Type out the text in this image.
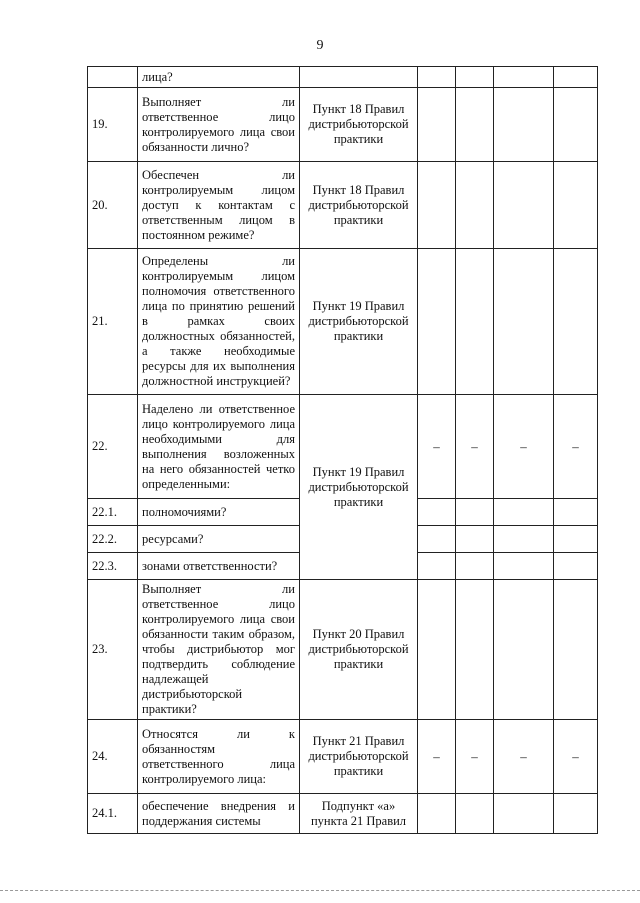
9
	лица?					
19.	Выполняет ли ответственное лицо контролируемого лица свои обязанности лично?	Пункт 18 Правил дистрибьюторской практики				
20.	Обеспечен ли контролируемым лицом доступ к контактам с ответственным лицом в постоянном режиме?	Пункт 18 Правил дистрибьюторской практики				
21.	Определены ли контролируемым лицом полномочия ответственного лица по принятию решений в рамках своих должностных обязанностей, а также необходимые ресурсы для их выполнения должностной инструкцией?	Пункт 19 Правил дистрибьюторской практики				
22.	Наделено ли ответственное лицо контролируемого лица необходимыми для выполнения возложенных на него обязанностей четко определенными:	Пункт 19 Правил дистрибьюторской практики	–	–	–	–
22.1.	полномочиями?					
22.2.	ресурсами?					
22.3.	зонами ответственности?					
23.	Выполняет ли ответственное лицо контролируемого лица свои обязанности таким образом, чтобы дистрибьютор мог подтвердить соблюдение надлежащей дистрибьюторской практики?	Пункт 20 Правил дистрибьюторской практики				
24.	Относятся ли к обязанностям ответственного лица контролируемого лица:	Пункт 21 Правил дистрибьюторской практики	–	–	–	–
24.1.	обеспечение внедрения и поддержания системы	Подпункт «а» пункта 21 Правил				
